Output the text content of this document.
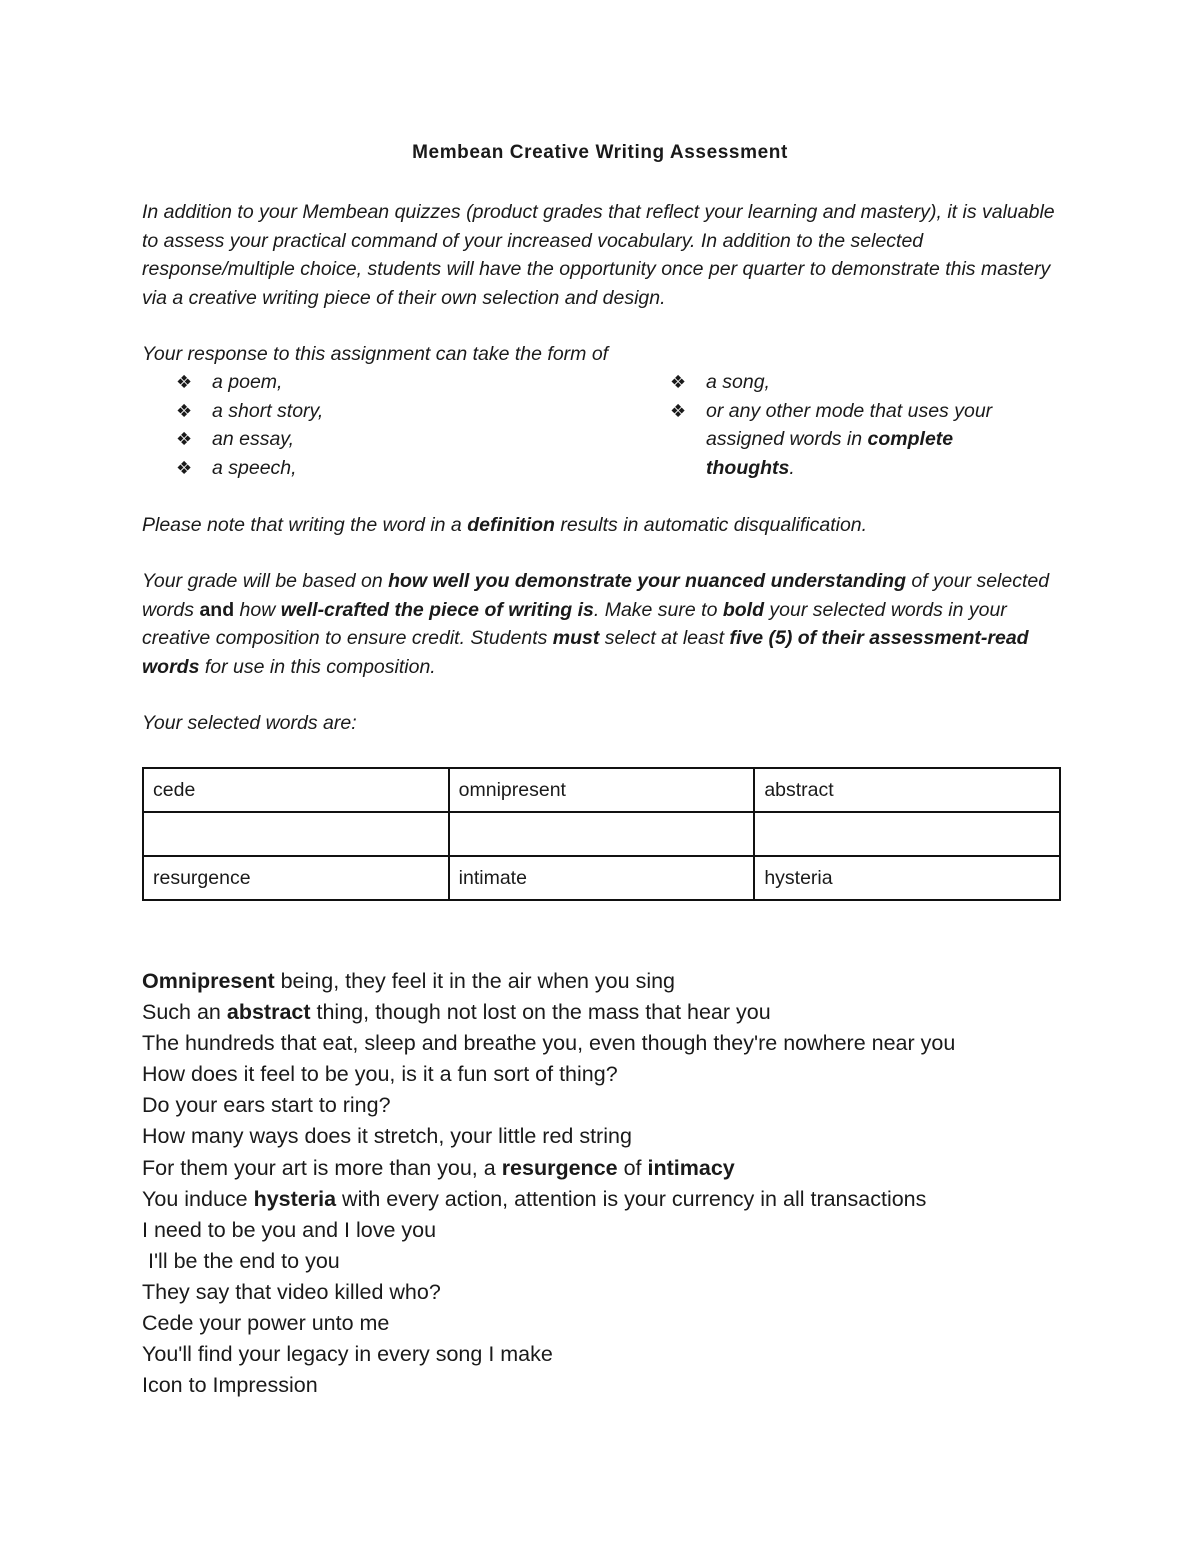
Membean Creative Writing Assessment

In addition to your Membean quizzes (product grades that reflect your learning and mastery), it is valuable to assess your practical command of your increased vocabulary. In addition to the selected response/multiple choice, students will have the opportunity once per quarter to demonstrate this mastery via a creative writing piece of their own selection and design.

Your response to this assignment can take the form of

❖ a poem,
❖ a short story,
❖ an essay,
❖ a speech,
❖ a song,
❖ or any other mode that uses your assigned words in complete thoughts.

Please note that writing the word in a definition results in automatic disqualification.

Your grade will be based on how well you demonstrate your nuanced understanding of your selected words and how well-crafted the piece of writing is. Make sure to bold your selected words in your creative composition to ensure credit. Students must select at least five (5) of their assessment-read words for use in this composition.

Your selected words are:

cede	omnipresent	abstract

resurgence	intimate	hysteria
Omnipresent being, they feel it in the air when you sing
Such an abstract thing, though not lost on the mass that hear you
The hundreds that eat, sleep and breathe you, even though they're nowhere near you
How does it feel to be you, is it a fun sort of thing?
Do your ears start to ring?
How many ways does it stretch, your little red string
For them your art is more than you, a resurgence of intimacy
You induce hysteria with every action, attention is your currency in all transactions
I need to be you and I love you
I'll be the end to you
They say that video killed who?
Cede your power unto me
You'll find your legacy in every song I make
Icon to Impression
